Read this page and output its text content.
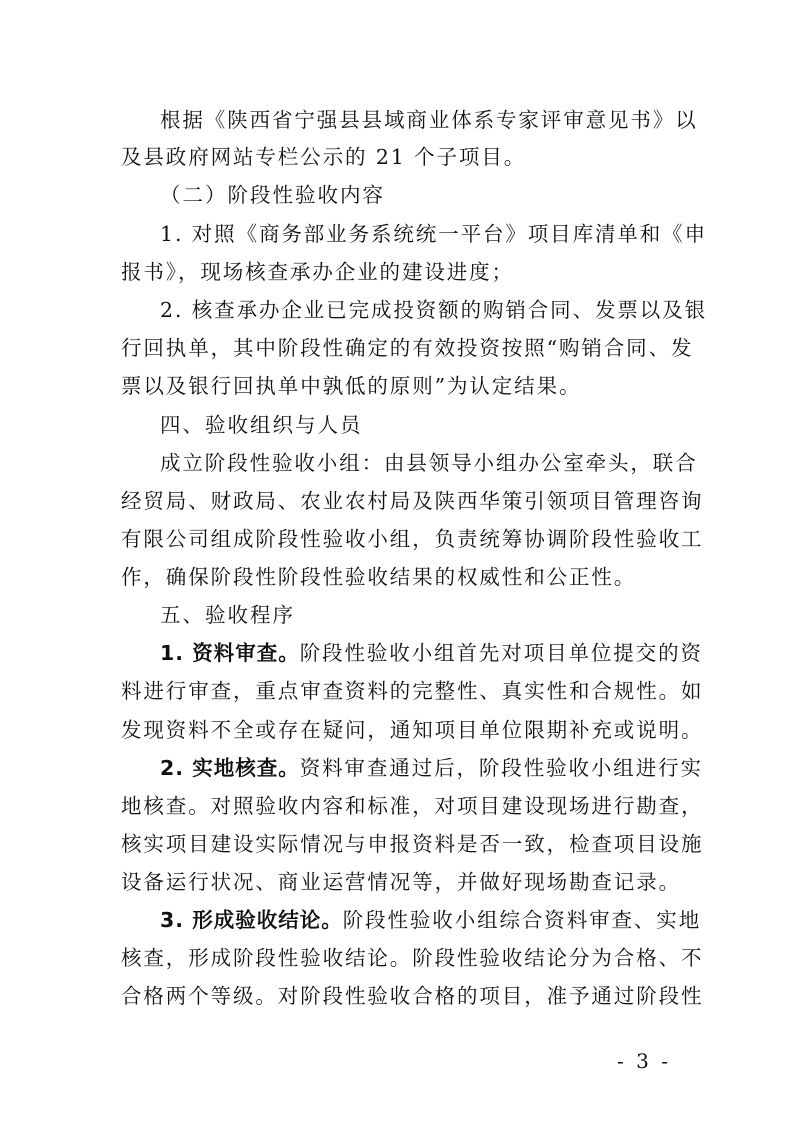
根据《陕西省宁强县县域商业体系专家评审意见书》以
及县政府网站专栏公示的 21 个子项目。
（二）阶段性验收内容
1. 对照《商务部业务系统统一平台》项目库清单和《申
报书》，现场核查承办企业的建设进度；
2. 核查承办企业已完成投资额的购销合同、发票以及银
行回执单，其中阶段性确定的有效投资按照“购销合同、发
票以及银行回执单中孰低的原则”为认定结果。
四、验收组织与人员
成立阶段性验收小组：由县领导小组办公室牵头，联合
经贸局、财政局、农业农村局及陕西华策引领项目管理咨询
有限公司组成阶段性验收小组，负责统筹协调阶段性验收工
作，确保阶段性阶段性验收结果的权威性和公正性。
五、验收程序
1. 资料审查。阶段性验收小组首先对项目单位提交的资
料进行审查，重点审查资料的完整性、真实性和合规性。如
发现资料不全或存在疑问，通知项目单位限期补充或说明。
2. 实地核查。资料审查通过后，阶段性验收小组进行实
地核查。对照验收内容和标准，对项目建设现场进行勘查，
核实项目建设实际情况与申报资料是否一致，检查项目设施
设备运行状况、商业运营情况等，并做好现场勘查记录。
3. 形成验收结论。阶段性验收小组综合资料审查、实地
核查，形成阶段性验收结论。阶段性验收结论分为合格、不
合格两个等级。对阶段性验收合格的项目，准予通过阶段性
- 3 -
